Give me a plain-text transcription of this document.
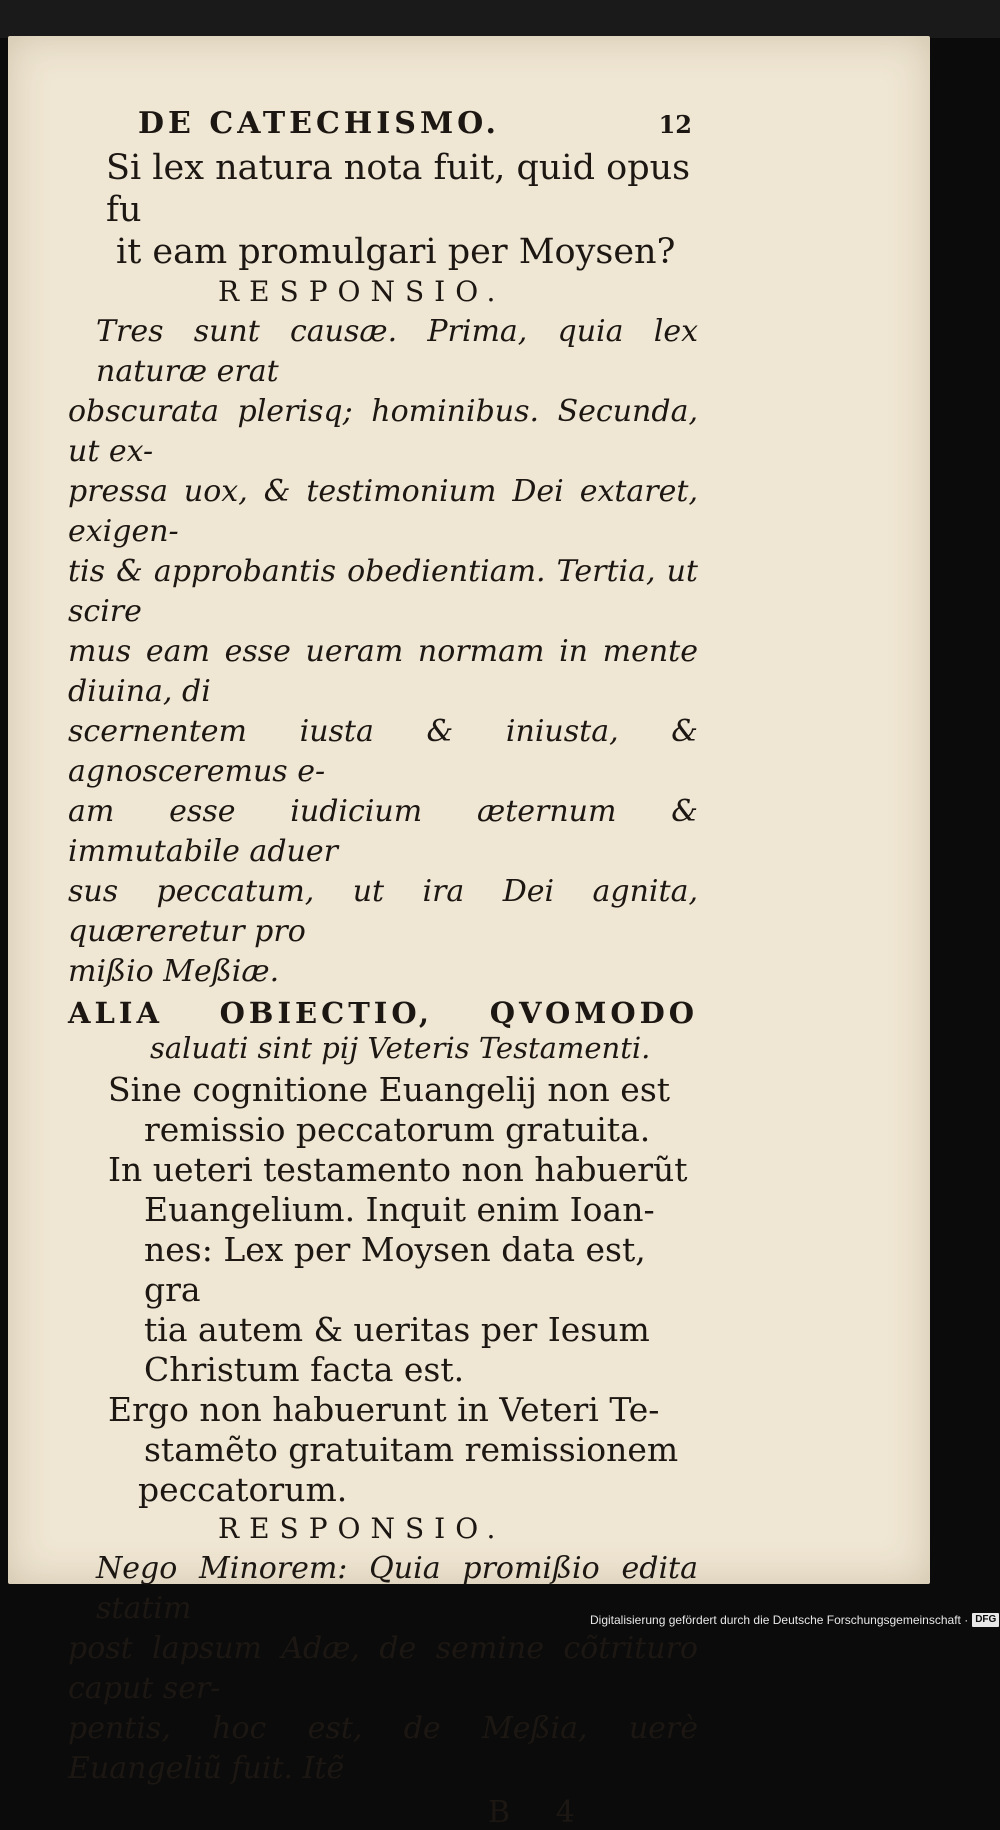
DE CATECHISMO.	12

Si lex natura nota fuit, quid opus fu

it eam promulgari per Moysen?

RESPONSIO.

Tres sunt causæ. Prima, quia lex naturæ erat

obscurata plerisq; hominibus. Secunda, ut ex-

pressa uox, & testimonium Dei extaret, exigen-

tis & approbantis obedientiam. Tertia, ut scire

mus eam esse ueram normam in mente diuina, di

scernentem iusta & iniusta, & agnosceremus e-

am esse iudicium æternum & immutabile aduer

sus peccatum, ut ira Dei agnita, quæreretur pro

mißio Meßiæ.

ALIA OBIECTIO, QVOMODO
saluati sint pij Veteris Testamenti.

Sine cognitione Euangelij non est

remissio peccatorum gratuita.

In ueteri testamento non habuerũt

Euangelium. Inquit enim Ioan-

nes: Lex per Moysen data est, gra

tia autem & ueritas per Iesum

Christum facta est.

Ergo non habuerunt in Veteri Te-

stamẽto gratuitam remissionem

peccatorum.

RESPONSIO.

Nego Minorem: Quia promißio edita statim

post lapsum Adæ, de semine cõtrituro caput ser-

pentis, hoc est, de Meßia, uerè Euangeliũ fuit. Itẽ

B 4
Digitalisierung gefördert durch die Deutsche Forschungsgemeinschaft · DFG
